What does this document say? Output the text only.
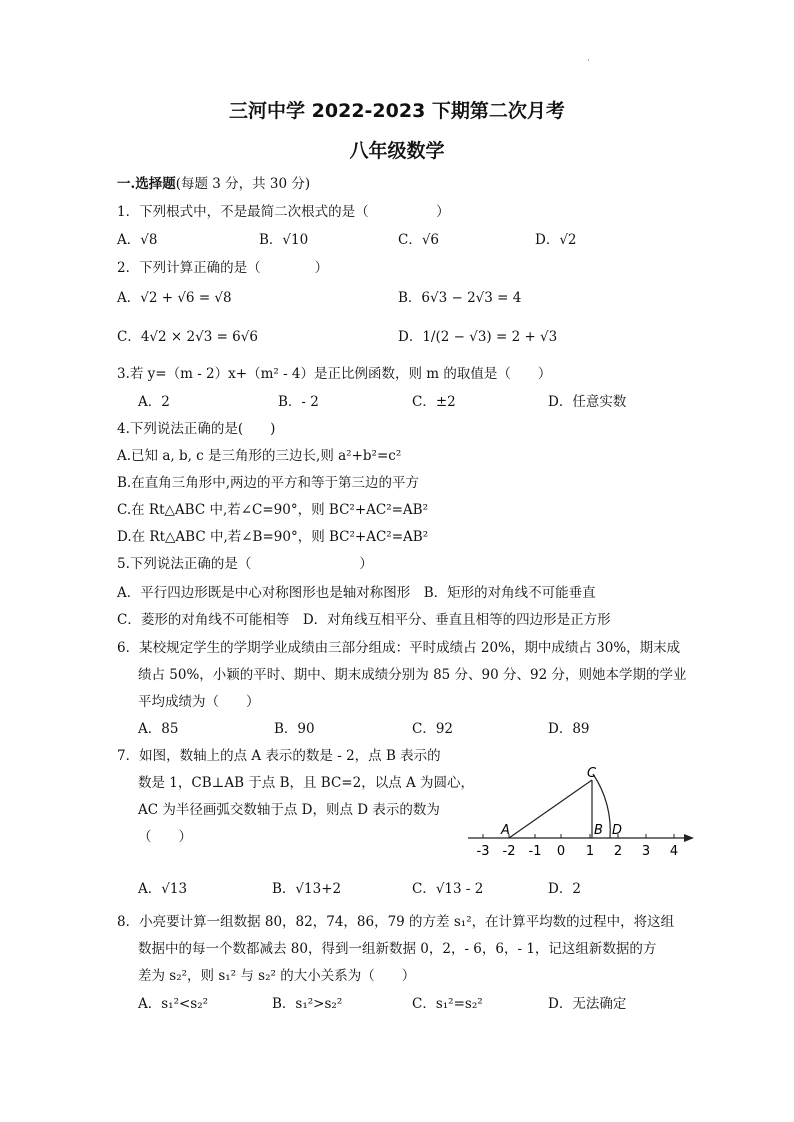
·
三河中学 2022-2023 下期第二次月考
八年级数学
一.选择题(每题 3 分，共 30 分)
1．下列根式中，不是最简二次根式的是（　　　　　）
A．√8	B．√10	C．√6	D．√2
2．下列计算正确的是（　　　　）
A．√2 + √6 = √8	B．6√3 − 2√3 = 4
C．4√2 × 2√3 = 6√6	D．1/(2 − √3) = 2 + √3
3.若 y=（m - 2）x+（m² - 4）是正比例函数，则 m 的取值是（　　）
A．2	B．- 2	C．±2	D．任意实数
4.下列说法正确的是(　　)
A.已知 a, b, c 是三角形的三边长,则 a²+b²=c²
B.在直角三角形中,两边的平方和等于第三边的平方
C.在 Rt△ABC 中,若∠C=90°，则 BC²+AC²=AB²
D.在 Rt△ABC 中,若∠B=90°，则 BC²+AC²=AB²
5.下列说法正确的是（　　　　　　　　）
A．平行四边形既是中心对称图形也是轴对称图形　B．矩形的对角线不可能垂直
C．菱形的对角线不可能相等　D．对角线互相平分、垂直且相等的四边形是正方形
6．某校规定学生的学期学业成绩由三部分组成：平时成绩占 20%，期中成绩占 30%，期末成
绩占 50%，小颖的平时、期中、期末成绩分别为 85 分、90 分、92 分，则她本学期的学业
平均成绩为（　　）
A．85	B．90	C．92	D．89
7．如图，数轴上的点 A 表示的数是 - 2，点 B 表示的
数是 1，CB⊥AB 于点 B，且 BC=2，以点 A 为圆心，
AC 为半径画弧交数轴于点 D，则点 D 表示的数为
（　　）	A
C
B D
-3 -2 -1 0 1 2 3 4
A．√13	B．√13+2	C．√13 - 2	D．2
8．小亮要计算一组数据 80，82，74，86，79 的方差 s₁²，在计算平均数的过程中，将这组
数据中的每一个数都减去 80，得到一组新数据 0，2，- 6，6，- 1，记这组新数据的方
差为 s₂²，则 s₁² 与 s₂² 的大小关系为（　　）
A．s₁²<s₂²	B．s₁²>s₂²	C．s₁²=s₂²	D．无法确定
